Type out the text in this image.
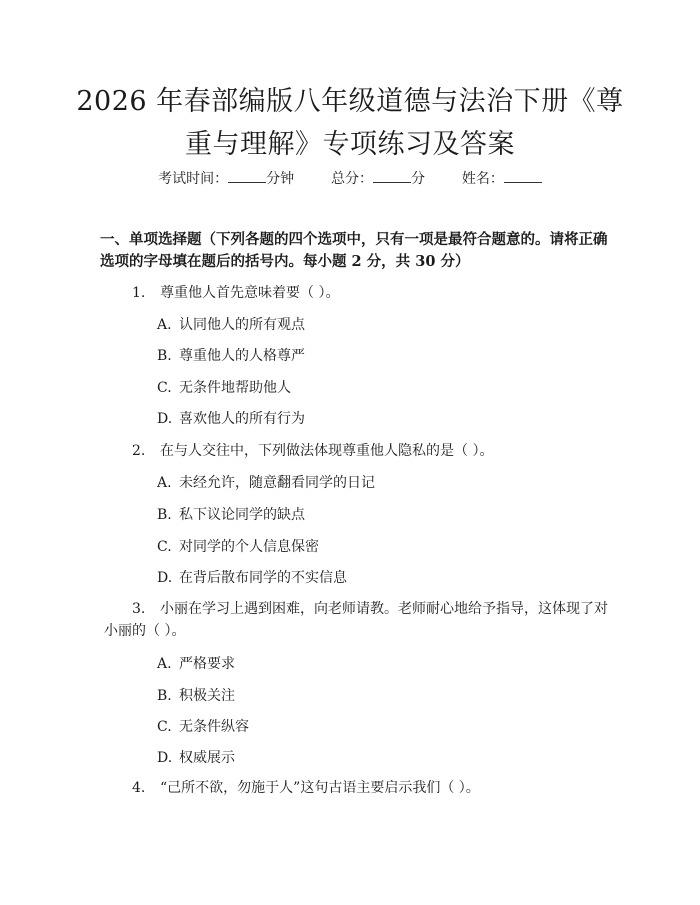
2026 年春部编版八年级道德与法治下册《尊
重与理解》专项练习及答案
考试时间：	分钟	总分：	分	姓名：
一、单项选择题（下列各题的四个选项中，只有一项是最符合题意的。请将正确
选项的字母填在题后的括号内。每小题 2 分，共 30 分）
1. 尊重他人首先意味着要（ ）。
A. 认同他人的所有观点
B. 尊重他人的人格尊严
C. 无条件地帮助他人
D. 喜欢他人的所有行为
2. 在与人交往中，下列做法体现尊重他人隐私的是（ ）。
A. 未经允许，随意翻看同学的日记
B. 私下议论同学的缺点
C. 对同学的个人信息保密
D. 在背后散布同学的不实信息
3. 小丽在学习上遇到困难，向老师请教。老师耐心地给予指导，这体现了对
小丽的（ ）。
A. 严格要求
B. 积极关注
C. 无条件纵容
D. 权威展示
4. “己所不欲，勿施于人”这句古语主要启示我们（ ）。
